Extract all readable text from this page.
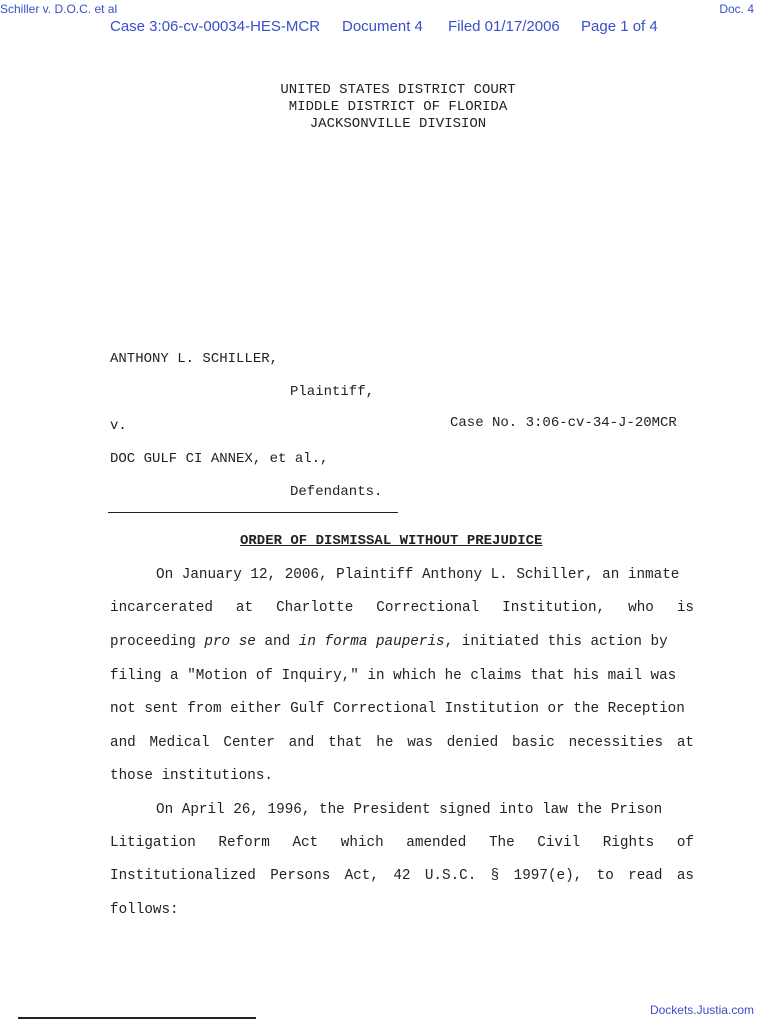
Schiller v. D.O.C. et al	Doc. 4
Case 3:06-cv-00034-HES-MCR Document 4 Filed 01/17/2006 Page 1 of 4
UNITED STATES DISTRICT COURT
MIDDLE DISTRICT OF FLORIDA
JACKSONVILLE DIVISION
ANTHONY L. SCHILLER,
Plaintiff,
v.	Case No. 3:06-cv-34-J-20MCR
DOC GULF CI ANNEX, et al.,
Defendants.
ORDER OF DISMISSAL WITHOUT PREJUDICE
On January 12, 2006, Plaintiff Anthony L. Schiller, an inmate
incarcerated at Charlotte Correctional Institution, who is
proceeding pro se and in forma pauperis, initiated this action by
filing a "Motion of Inquiry," in which he claims that his mail was
not sent from either Gulf Correctional Institution or the Reception
and Medical Center and that he was denied basic necessities at
those institutions.
On April 26, 1996, the President signed into law the Prison
Litigation Reform Act which amended The Civil Rights of
Institutionalized Persons Act, 42 U.S.C. § 1997(e), to read as
follows:
Dockets.Justia.com
